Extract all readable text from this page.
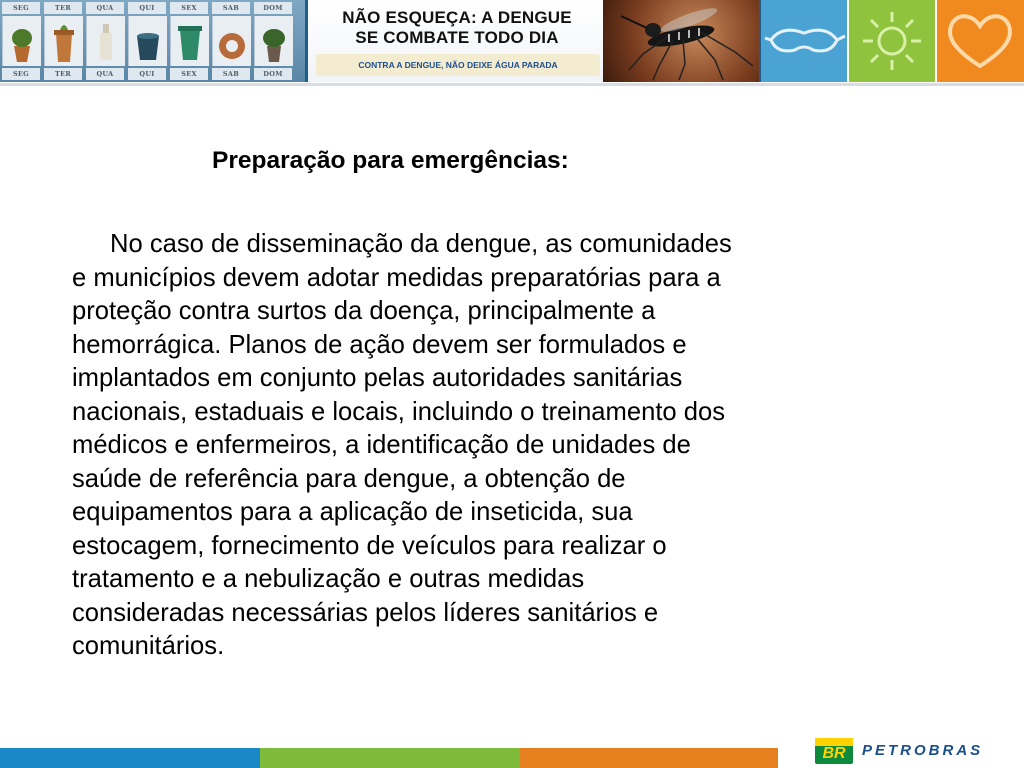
SEG
SEG
TER
TER
QUA
QUA
QUI
QUI
SEX
SEX
SAB
SAB
DOM
DOM
NÃO ESQUEÇA: A DENGUE
SE COMBATE TODO DIA
CONTRA A DENGUE, NÃO DEIXE ÁGUA PARADA
Preparação para emergências:

No caso de disseminação da dengue, as comunidades
e municípios devem adotar medidas preparatórias para a
proteção contra surtos da doença, principalmente a
hemorrágica. Planos de ação devem ser formulados e
implantados em conjunto pelas autoridades sanitárias
nacionais, estaduais e locais, incluindo o treinamento dos
médicos e enfermeiros, a identificação de unidades de
saúde de referência para dengue, a obtenção de
equipamentos para a aplicação de inseticida, sua
estocagem, fornecimento de veículos para realizar o
tratamento e a nebulização e outras medidas
consideradas necessárias pelos líderes sanitários e
comunitários.

BR	PETROBRAS
